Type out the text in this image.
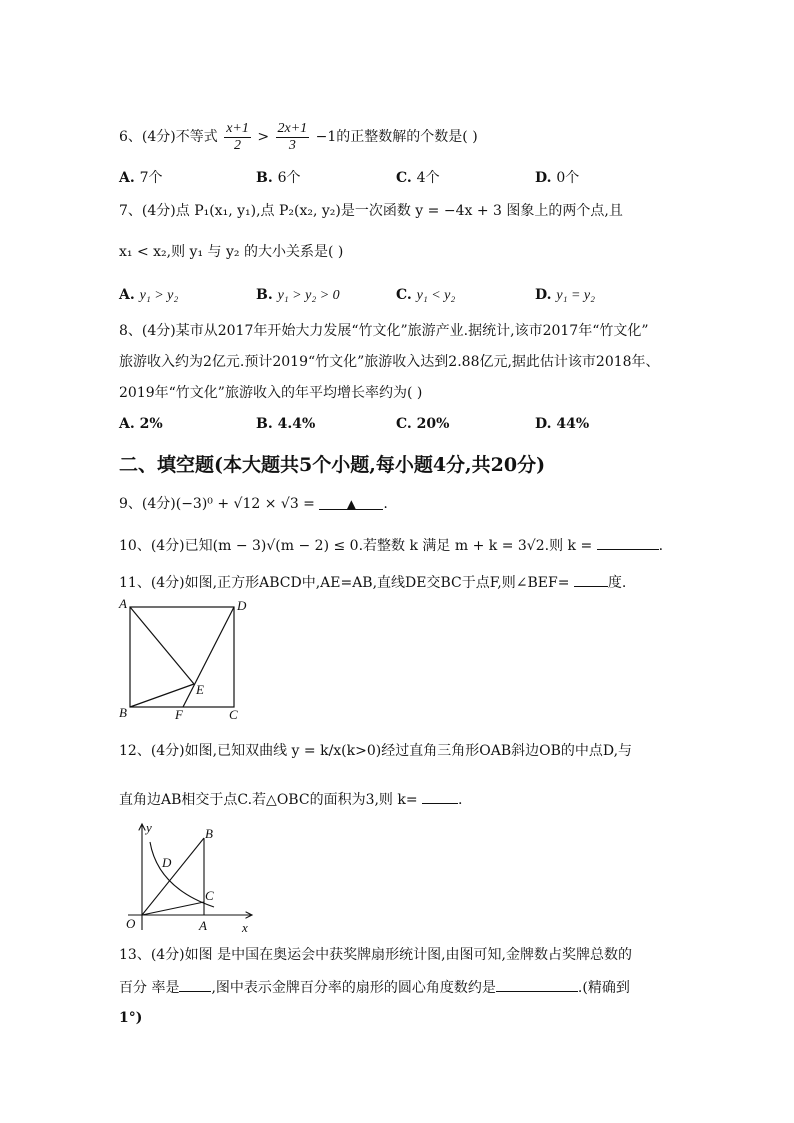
6、(4分)不等式 $\frac{x+1}{2} > \frac{2x+1}{3} -1$的正整数解的个数是( )
A. 7个	B. 6个	C. 4个	D. 0个
7、(4分)点 P₁(x₁, y₁),点 P₂(x₂, y₂)是一次函数 y = −4x + 3 图象上的两个点,且
x₁ < x₂,则 y₁ 与 y₂ 的大小关系是( )
A. y₁ > y₂	B. y₁ > y₂ > 0	C. y₁ < y₂	D. y₁ = y₂
8、(4分)某市从2017年开始大力发展“竹文化”旅游产业.据统计,该市2017年“竹文化”
旅游收入约为2亿元.预计2019“竹文化”旅游收入达到2.88亿元,据此估计该市2018年、
2019年“竹文化”旅游收入的年平均增长率约为( )
A. 2%	B. 4.4%	C. 20%	D. 44%
二、填空题(本大题共5个小题,每小题4分,共20分)
9、(4分)(−3)⁰ + √12 × √3 =	▲ .
10、(4分)已知(m − 3)√(m − 2) ≤ 0.若整数 k 满足 m + k = 3√2.则 k =	.
11、(4分)如图,正方形ABCD中,AE=AB,直线DE交BC于点F,则∠BEF=	度.
A	D
B	C
E
F
12、(4分)如图,已知双曲线 y = k/x(k>0)经过直角三角形OAB斜边OB的中点D,与
直角边AB相交于点C.若△OBC的面积为3,则 k=	.
y
x
O	A
B
C
D
13、(4分)如图 是中国在奥运会中获奖牌扇形统计图,由图可知,金牌数占奖牌总数的
百分 率是 ,图中表示金牌百分率的扇形的圆心角度数约是	.(精确到
1°)
